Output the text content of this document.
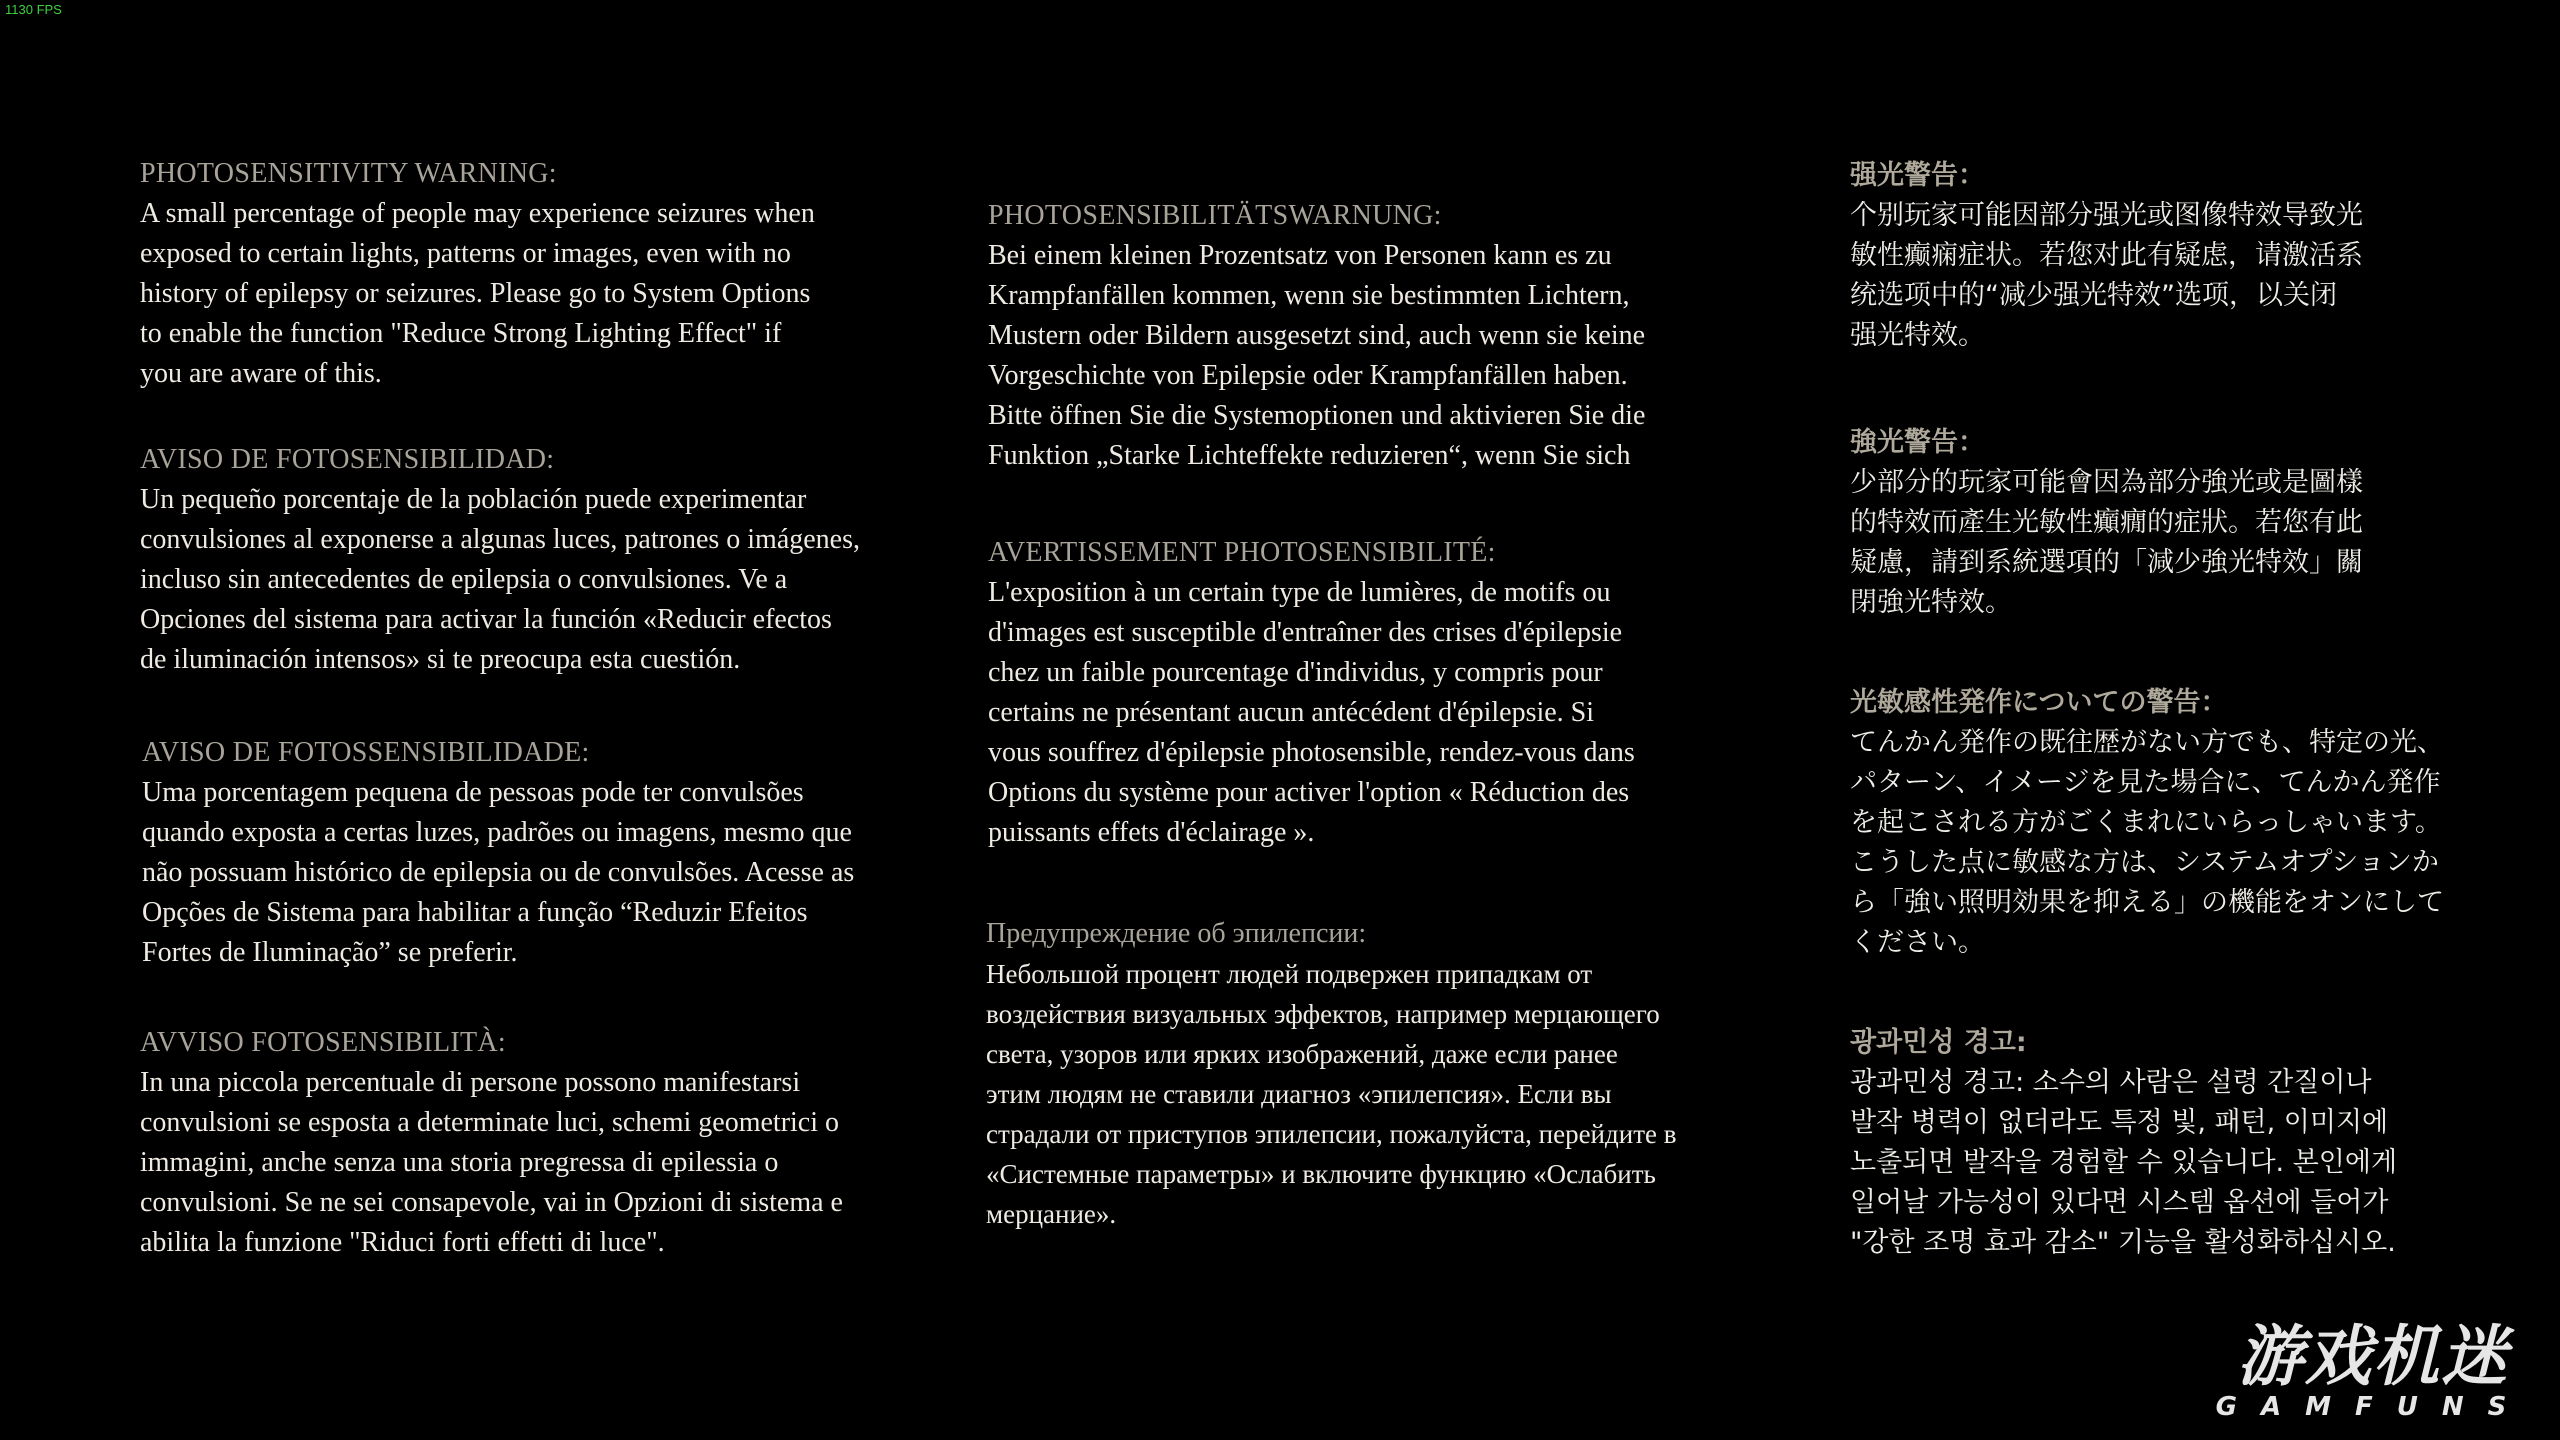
1130 FPS
PHOTOSENSITIVITY WARNING:
A small percentage of people may experience seizures when
exposed to certain lights, patterns or images, even with no
history of epilepsy or seizures. Please go to System Options
to enable the function "Reduce Strong Lighting Effect" if
you are aware of this.
AVISO DE FOTOSENSIBILIDAD:
Un pequeño porcentaje de la población puede experimentar
convulsiones al exponerse a algunas luces, patrones o imágenes,
incluso sin antecedentes de epilepsia o convulsiones. Ve a
Opciones del sistema para activar la función «Reducir efectos
de iluminación intensos» si te preocupa esta cuestión.
AVISO DE FOTOSSENSIBILIDADE:
Uma porcentagem pequena de pessoas pode ter convulsões
quando exposta a certas luzes, padrões ou imagens, mesmo que
não possuam histórico de epilepsia ou de convulsões. Acesse as
Opções de Sistema para habilitar a função “Reduzir Efeitos
Fortes de Iluminação” se preferir.
AVVISO FOTOSENSIBILITÀ:
In una piccola percentuale di persone possono manifestarsi
convulsioni se esposta a determinate luci, schemi geometrici o
immagini, anche senza una storia pregressa di epilessia o
convulsioni. Se ne sei consapevole, vai in Opzioni di sistema e
abilita la funzione "Riduci forti effetti di luce".
PHOTOSENSIBILITÄTSWARNUNG:
Bei einem kleinen Prozentsatz von Personen kann es zu
Krampfanfällen kommen, wenn sie bestimmten Lichtern,
Mustern oder Bildern ausgesetzt sind, auch wenn sie keine
Vorgeschichte von Epilepsie oder Krampfanfällen haben.
Bitte öffnen Sie die Systemoptionen und aktivieren Sie die
Funktion „Starke Lichteffekte reduzieren“, wenn Sie sich
AVERTISSEMENT PHOTOSENSIBILITÉ:
L'exposition à un certain type de lumières, de motifs ou
d'images est susceptible d'entraîner des crises d'épilepsie
chez un faible pourcentage d'individus, y compris pour
certains ne présentant aucun antécédent d'épilepsie. Si
vous souffrez d'épilepsie photosensible, rendez-vous dans
Options du système pour activer l'option « Réduction des
puissants effets d'éclairage ».
Предупреждение об эпилепсии:
Небольшой процент людей подвержен припадкам от
воздействия визуальных эффектов, например мерцающего
света, узоров или ярких изображений, даже если ранее
этим людям не ставили диагноз «эпилепсия». Если вы
страдали от приступов эпилепсии, пожалуйста, перейдите в
«Системные параметры» и включите функцию «Ослабить
мерцание».
强光警告：
个别玩家可能因部分强光或图像特效导致光
敏性癫痫症状。若您对此有疑虑，请激活系
统选项中的“减少强光特效”选项，以关闭
强光特效。
強光警告：
少部分的玩家可能會因為部分強光或是圖樣
的特效而產生光敏性癲癇的症狀。若您有此
疑慮，請到系統選項的「減少強光特效」關
閉強光特效。
光敏感性発作についての警告：
てんかん発作の既往歴がない方でも、特定の光、
パターン、イメージを見た場合に、てんかん発作
を起こされる方がごくまれにいらっしゃいます。
こうした点に敏感な方は、システムオプションか
ら「強い照明効果を抑える」の機能をオンにして
ください。
광과민성 경고:
광과민성 경고: 소수의 사람은 설령 간질이나
발작 병력이 없더라도 특정 빛, 패턴, 이미지에
노출되면 발작을 경험할 수 있습니다. 본인에게
일어날 가능성이 있다면 시스템 옵션에 들어가
"강한 조명 효과 감소" 기능을 활성화하십시오.
游戏机迷
GAMFUNS
